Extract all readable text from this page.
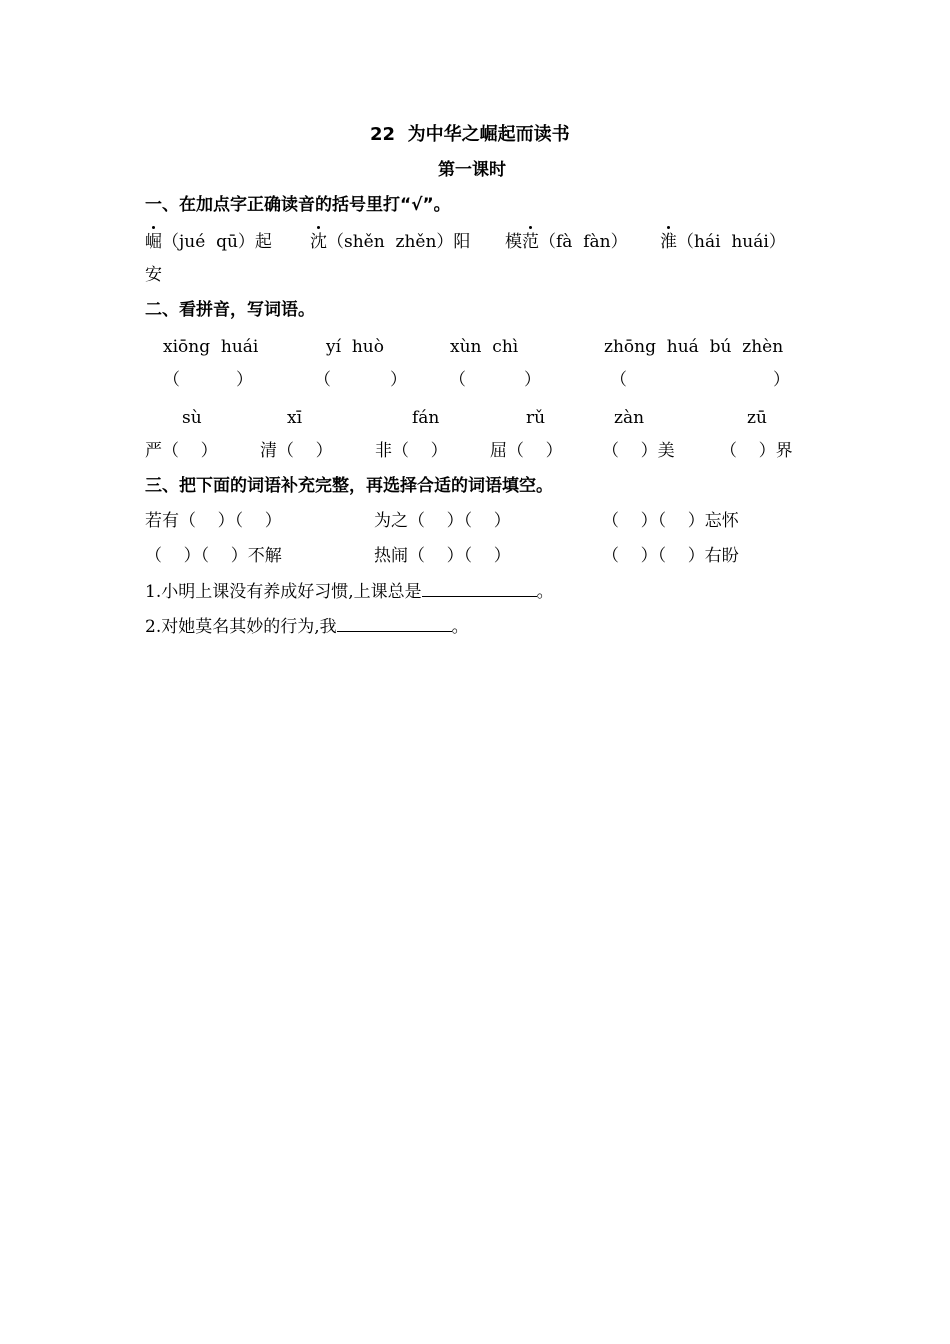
22  为中华之崛起而读书
第一课时
一、在加点字正确读音的括号里打“√”。
崛（jué  qū）起 沈（shěn  zhěn）阳 模范（fà  fàn） 淮（hái  huái）
安
二、看拼音，写词语。
xiōng  huái	yí  huò	xùn  chì	zhōng  huá  bú  zhèn
（	）	（	） （	）	（	）
sù	xī	fán	rǔ	zàn	zū
严（    ） 清（    ） 非（    ） 屈（    ） （    ）美	（    ）界
三、把下面的词语补充完整，再选择合适的词语填空。
若有（    ）（    ）	为之（    ）（    ）	（    ）（    ）忘怀
（    ）（    ）不解	热闹（    ）（    ）	（    ）（    ）右盼
1.小明上课没有养成好习惯,上课总是	。
2.对她莫名其妙的行为,我	。
